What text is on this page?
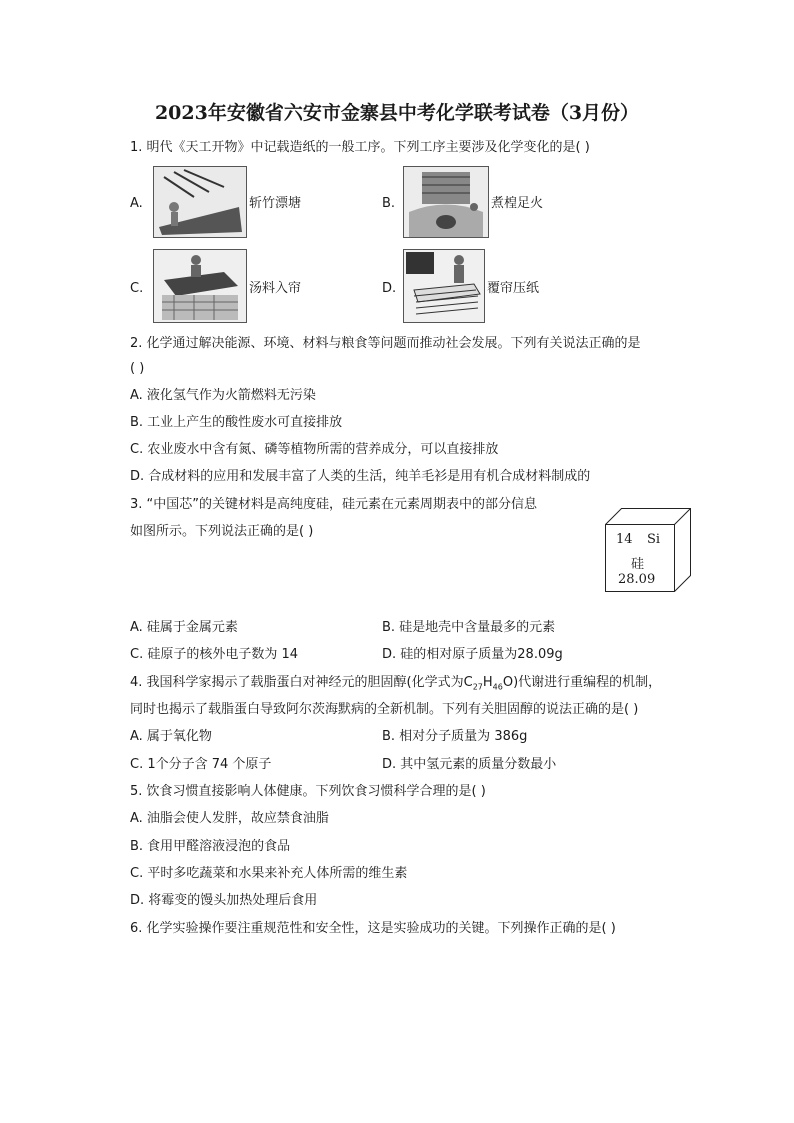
2023年安徽省六安市金寨县中考化学联考试卷（3月份）
1. 明代《天工开物》中记载造纸的一般工序。下列工序主要涉及化学变化的是( )
A.	斩竹漂塘	B.	煮楻足火
C.	汤料入帘	D.	覆帘压纸
2. 化学通过解决能源、环境、材料与粮食等问题而推动社会发展。下列有关说法正确的是
( )
A. 液化氢气作为火箭燃料无污染
B. 工业上产生的酸性废水可直接排放
C. 农业废水中含有氮、磷等植物所需的营养成分，可以直接排放
D. 合成材料的应用和发展丰富了人类的生活，纯羊毛衫是用有机合成材料制成的
3. “中国芯”的关键材料是高纯度硅，硅元素在元素周期表中的部分信息
如图所示。下列说法正确的是( )
14 Si
硅
28.09
A. 硅属于金属元素	B. 硅是地壳中含量最多的元素
C. 硅原子的核外电子数为 14	D. 硅的相对原子质量为28.09g
4. 我国科学家揭示了载脂蛋白对神经元的胆固醇(化学式为$C_{27}H_{46}O$)代谢进行重编程的机制，
同时也揭示了载脂蛋白导致阿尔茨海默病的全新机制。下列有关胆固醇的说法正确的是( )
A. 属于氧化物	B. 相对分子质量为 386g
C. 1个分子含 74 个原子	D. 其中氢元素的质量分数最小
5. 饮食习惯直接影响人体健康。下列饮食习惯科学合理的是( )
A. 油脂会使人发胖，故应禁食油脂
B. 食用甲醛溶液浸泡的食品
C. 平时多吃蔬菜和水果来补充人体所需的维生素
D. 将霉变的馒头加热处理后食用
6. 化学实验操作要注重规范性和安全性，这是实验成功的关键。下列操作正确的是( )
